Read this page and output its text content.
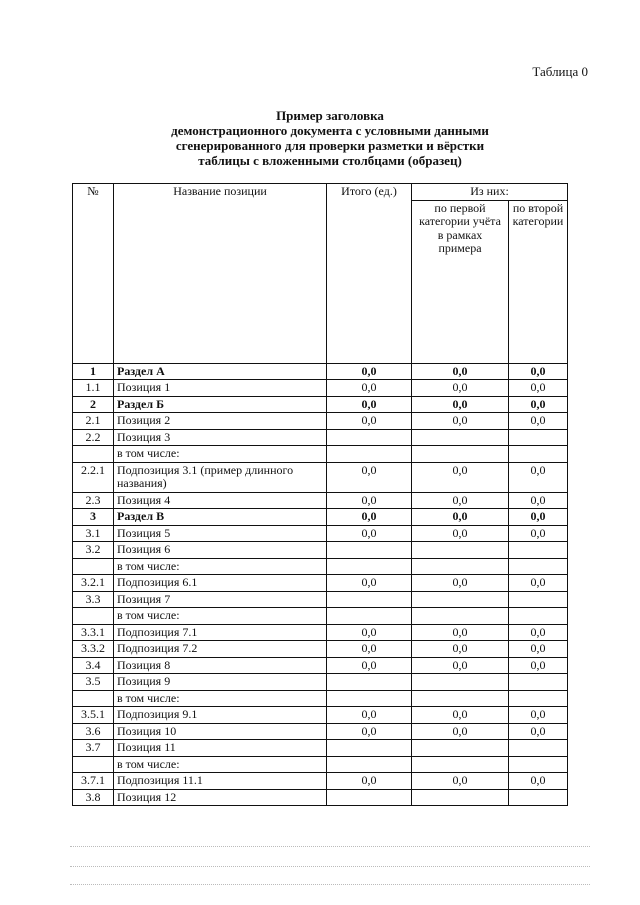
Таблица 0
Пример заголовка
демонстрационного документа с условными данными
сгенерированного для проверки разметки и вёрстки
таблицы с вложенными столбцами (образец)
№	Название позиции	Итого (ед.)	Из них:	
			по первой категории учёта в рамках примера	по второй категории
1	Раздел А	0,0	0,0	0,0
1.1	Позиция 1	0,0	0,0	0,0
2	Раздел Б	0,0	0,0	0,0
2.1	Позиция 2	0,0	0,0	0,0
2.2	Позиция 3			
	в том числе:			
2.2.1	Подпозиция 3.1 (пример длинного названия)	0,0	0,0	0,0
2.3	Позиция 4	0,0	0,0	0,0
3	Раздел В	0,0	0,0	0,0
3.1	Позиция 5	0,0	0,0	0,0
3.2	Позиция 6			
	в том числе:			
3.2.1	Подпозиция 6.1	0,0	0,0	0,0
3.3	Позиция 7			
	в том числе:			
3.3.1	Подпозиция 7.1	0,0	0,0	0,0
3.3.2	Подпозиция 7.2	0,0	0,0	0,0
3.4	Позиция 8	0,0	0,0	0,0
3.5	Позиция 9			
	в том числе:			
3.5.1	Подпозиция 9.1	0,0	0,0	0,0
3.6	Позиция 10	0,0	0,0	0,0
3.7	Позиция 11			
	в том числе:			
3.7.1	Подпозиция 11.1	0,0	0,0	0,0
3.8	Позиция 12			
